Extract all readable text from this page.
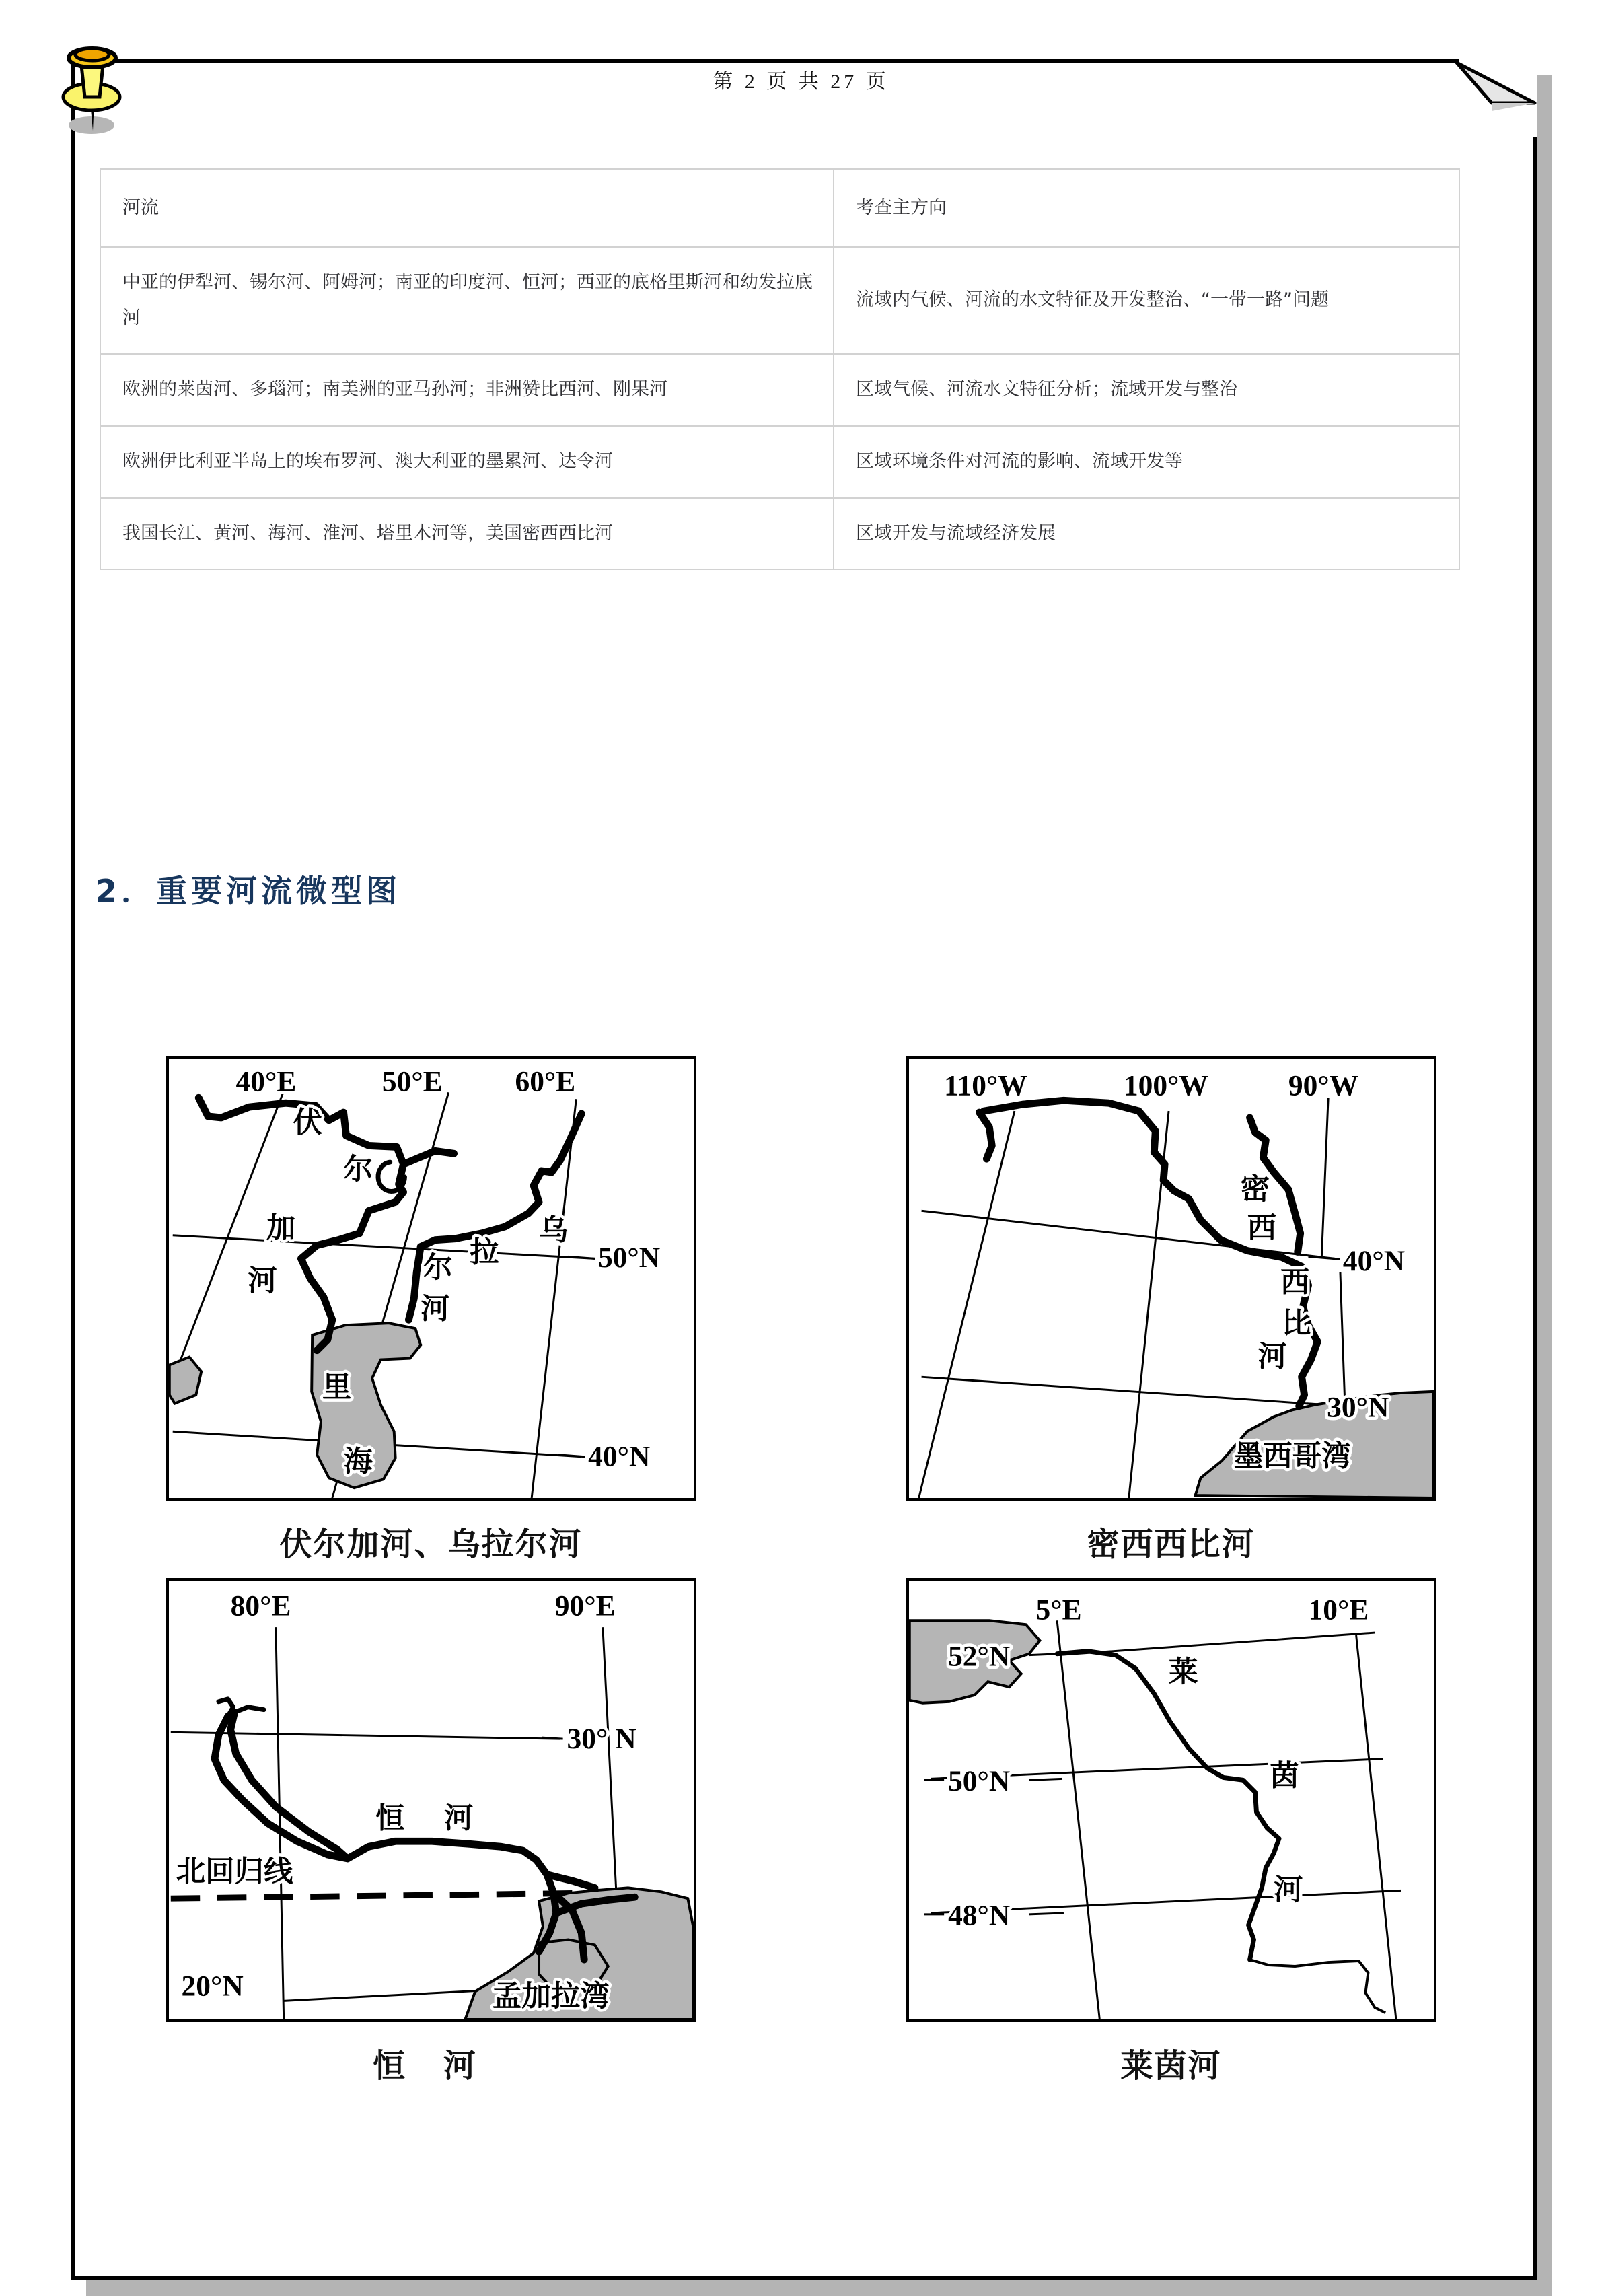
第 2 页 共 27 页
河流	考查主方向
中亚的伊犁河、锡尔河、阿姆河；南亚的印度河、恒河；西亚的底格里斯河和幼发拉底河	流域内气候、河流的水文特征及开发整治、“一带一路”问题
欧洲的莱茵河、多瑙河；南美洲的亚马孙河；非洲赞比西河、刚果河	区域气候、河流水文特征分析；流域开发与整治
欧洲伊比利亚半岛上的埃布罗河、澳大利亚的墨累河、达令河	区域环境条件对河流的影响、流域开发等
我国长江、黄河、海河、淮河、塔里木河等，美国密西西比河	区域开发与流域经济发展
2．重要河流微型图
40°E	50°E 60°E
50°N
40°N
伏
尔
加
河
乌
拉
尔
河
里
海
伏尔加河、乌拉尔河
110°W	100°W	90°W
40°N
30°N
密
西
西
比
河
墨西哥湾
密西西比河
80°E	90°E
30° N
20°N
恒 河
北回归线
孟加拉湾
恒 河
5°E	10°E
52°N
50°N
48°N
莱
茵
河
莱茵河
